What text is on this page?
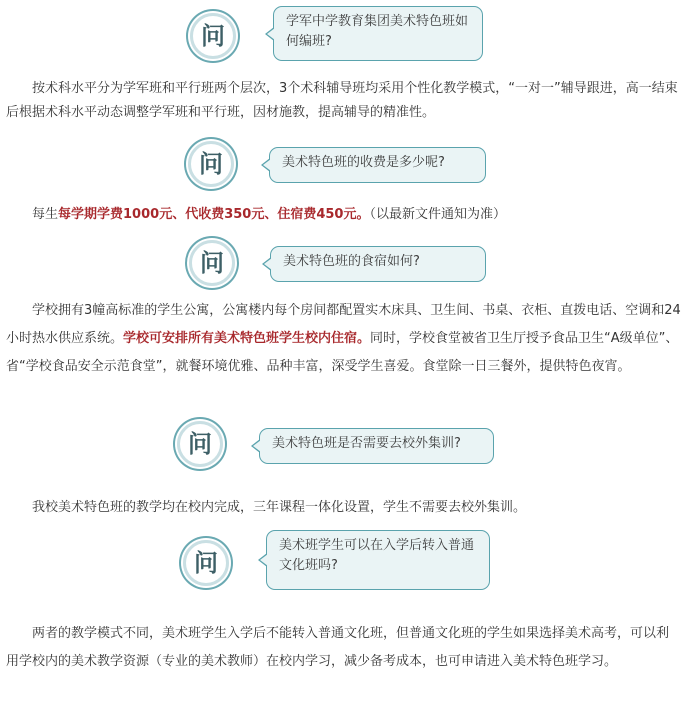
问
学军中学教育集团美术特色班如何编班?

按术科水平分为学军班和平行班两个层次，3个术科辅导班均采用个性化教学模式，“一对一”辅导跟进，高一结束后根据术科水平动态调整学军班和平行班，因材施教，提高辅导的精准性。

问	美术特色班的收费是多少呢?

每生每学期学费1000元、代收费350元、住宿费450元。（以最新文件通知为准）

问	美术特色班的食宿如何?

学校拥有3幢高标准的学生公寓，公寓楼内每个房间都配置实木床具、卫生间、书桌、衣柜、直拨电话、空调和24小时热水供应系统。学校可安排所有美术特色班学生校内住宿。同时，学校食堂被省卫生厅授予食品卫生“A级单位”、省“学校食品安全示范食堂”，就餐环境优雅、品种丰富，深受学生喜爱。食堂除一日三餐外，提供特色夜宵。

问	美术特色班是否需要去校外集训?

我校美术特色班的教学均在校内完成，三年课程一体化设置，学生不需要去校外集训。

问
美术班学生可以在入学后转入普通文化班吗?

两者的教学模式不同，美术班学生入学后不能转入普通文化班，但普通文化班的学生如果选择美术高考，可以利用学校内的美术教学资源（专业的美术教师）在校内学习，减少备考成本，也可申请进入美术特色班学习。
